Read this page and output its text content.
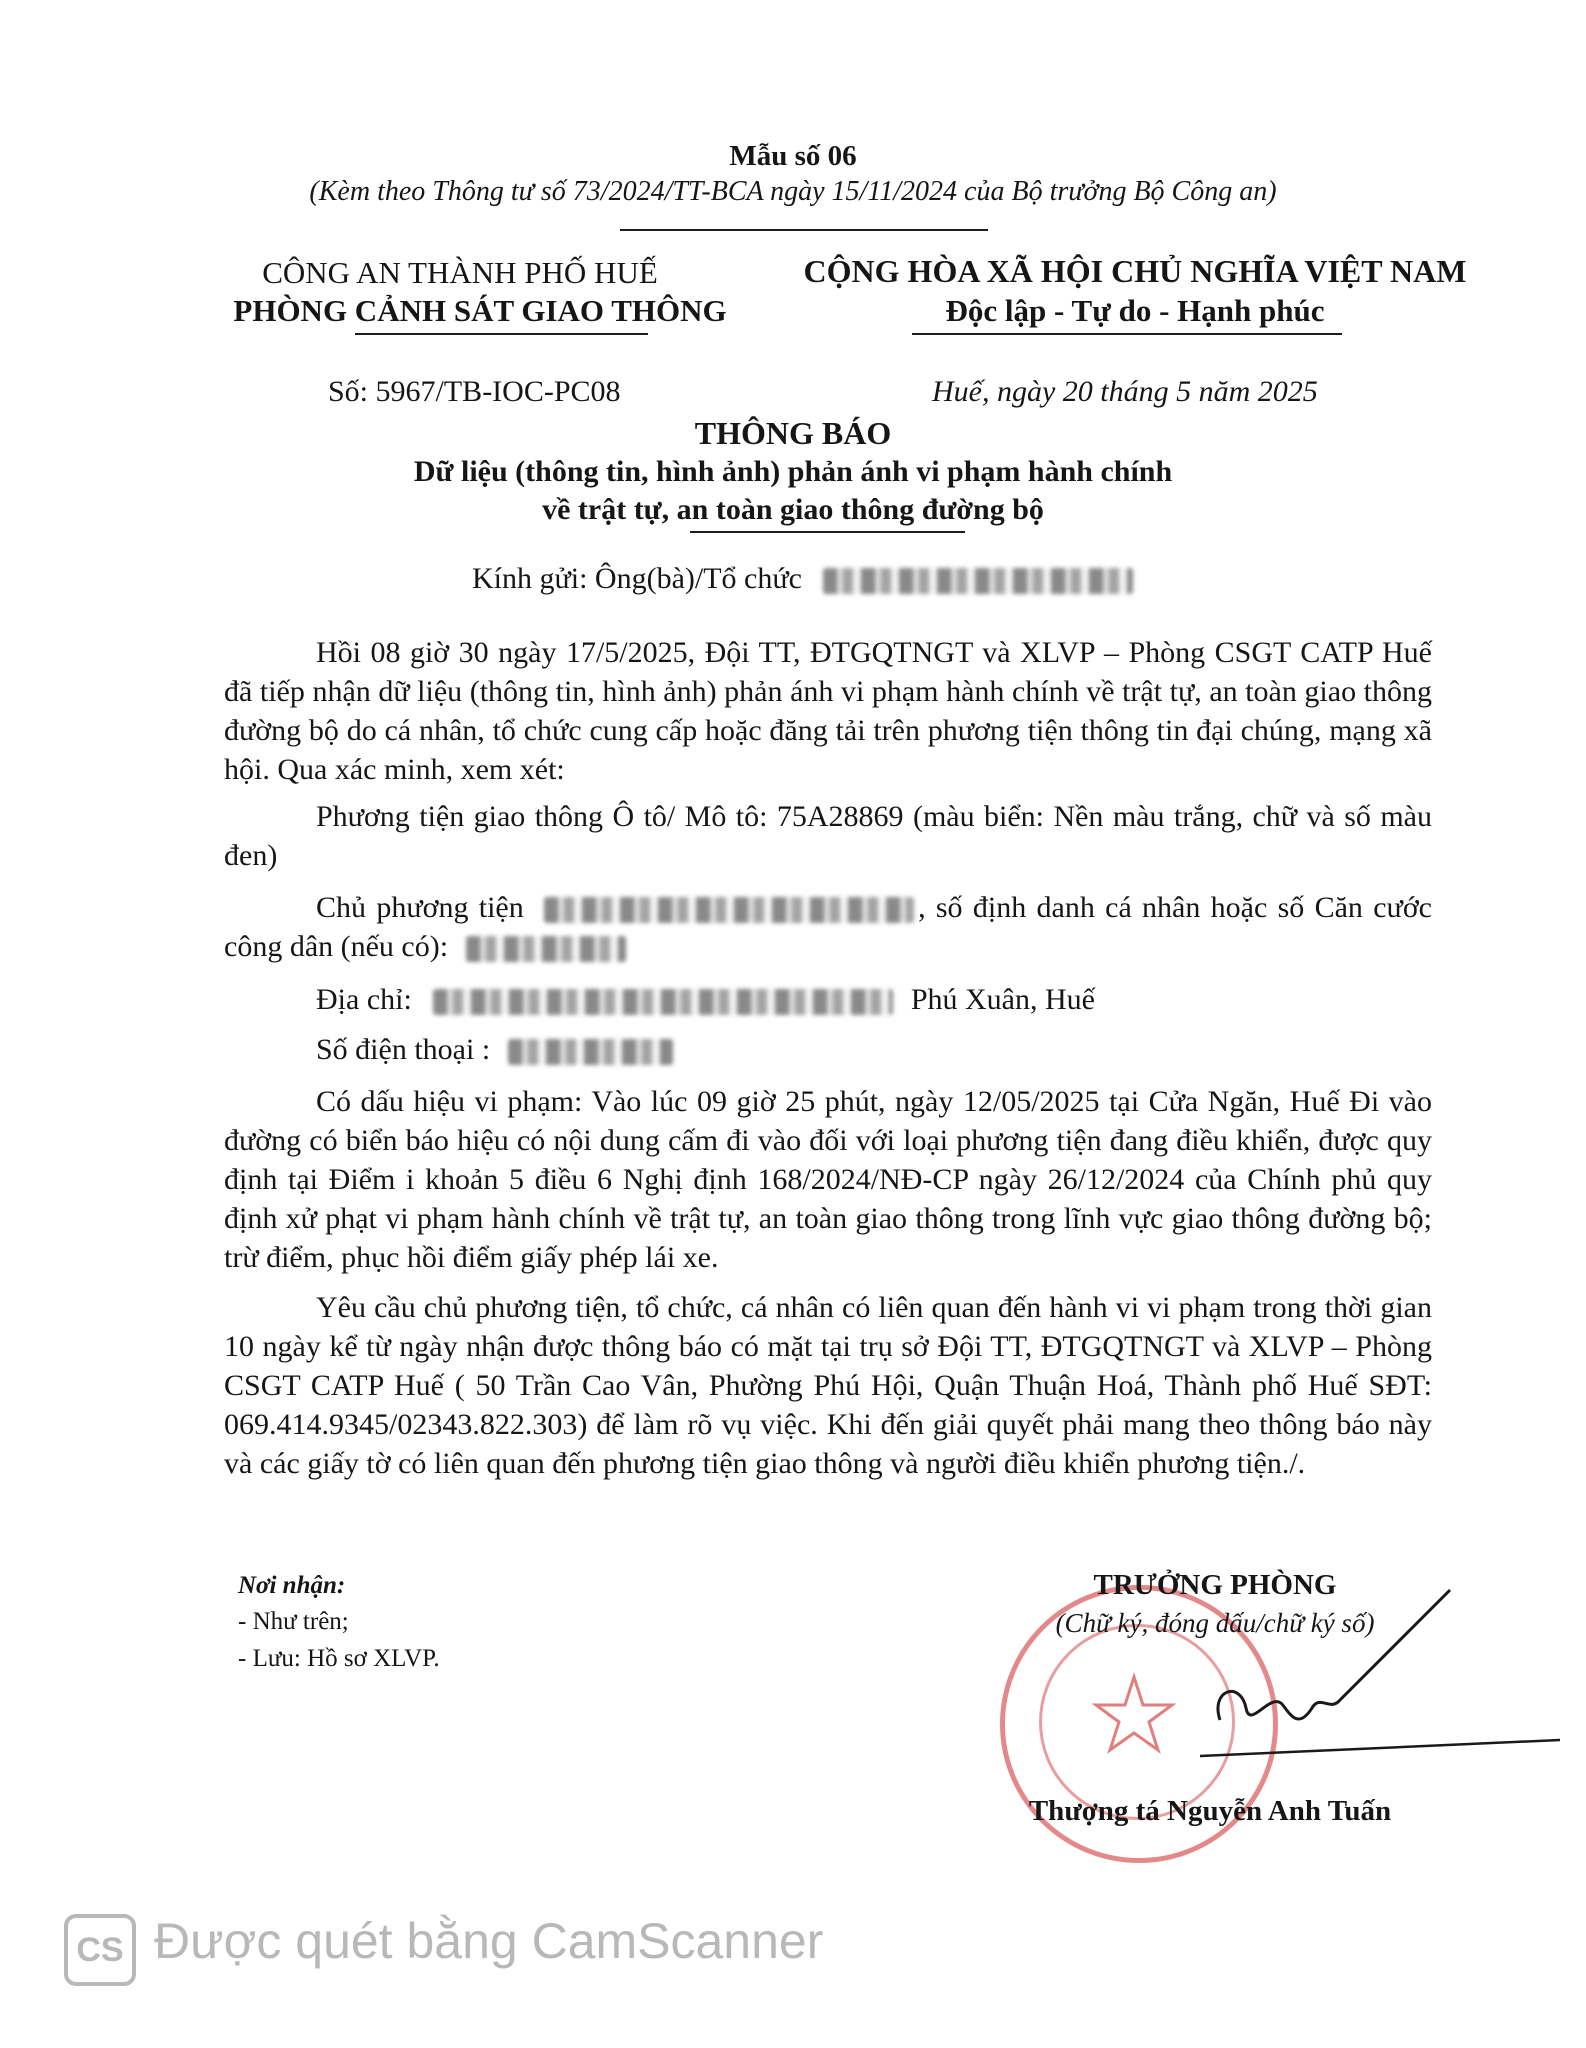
Mẫu số 06
(Kèm theo Thông tư số 73/2024/TT-BCA ngày 15/11/2024 của Bộ trưởng Bộ Công an)
CÔNG AN THÀNH PHỐ HUẾ
PHÒNG CẢNH SÁT GIAO THÔNG
CỘNG HÒA XÃ HỘI CHỦ NGHĨA VIỆT NAM
Độc lập - Tự do - Hạnh phúc
Số: 5967/TB-IOC-PC08	Huế, ngày 20 tháng 5 năm 2025
THÔNG BÁO
Dữ liệu (thông tin, hình ảnh) phản ánh vi phạm hành chính
về trật tự, an toàn giao thông đường bộ
Kính gửi: Ông(bà)/Tổ chức
Hồi 08 giờ 30 ngày 17/5/2025, Đội TT, ĐTGQTNGT và XLVP – Phòng CSGT CATP Huế đã tiếp nhận dữ liệu (thông tin, hình ảnh) phản ánh vi phạm hành chính về trật tự, an toàn giao thông đường bộ do cá nhân, tổ chức cung cấp hoặc đăng tải trên phương tiện thông tin đại chúng, mạng xã hội. Qua xác minh, xem xét:
Phương tiện giao thông Ô tô/ Mô tô: 75A28869 (màu biển: Nền màu trắng, chữ và số màu đen)
Chủ phương tiện	, số định danh cá nhân hoặc số Căn cước công dân (nếu có):
Địa chỉ:	Phú Xuân, Huế
Số điện thoại :
Có dấu hiệu vi phạm: Vào lúc 09 giờ 25 phút, ngày 12/05/2025 tại Cửa Ngăn, Huế Đi vào đường có biển báo hiệu có nội dung cấm đi vào đối với loại phương tiện đang điều khiển, được quy định tại Điểm i khoản 5 điều 6 Nghị định 168/2024/NĐ-CP ngày 26/12/2024 của Chính phủ quy định xử phạt vi phạm hành chính về trật tự, an toàn giao thông trong lĩnh vực giao thông đường bộ; trừ điểm, phục hồi điểm giấy phép lái xe.
Yêu cầu chủ phương tiện, tổ chức, cá nhân có liên quan đến hành vi vi phạm trong thời gian 10 ngày kể từ ngày nhận được thông báo có mặt tại trụ sở Đội TT, ĐTGQTNGT và XLVP – Phòng CSGT CATP Huế ( 50 Trần Cao Vân, Phường Phú Hội, Quận Thuận Hoá, Thành phố Huế SĐT: 069.414.9345/02343.822.303) để làm rõ vụ việc. Khi đến giải quyết phải mang theo thông báo này và các giấy tờ có liên quan đến phương tiện giao thông và người điều khiển phương tiện./.
Nơi nhận:
- Như trên;
- Lưu: Hồ sơ XLVP.
TRƯỞNG PHÒNG
(Chữ ký, đóng dấu/chữ ký số)
Thượng tá Nguyễn Anh Tuấn
CS Được quét bằng CamScanner
